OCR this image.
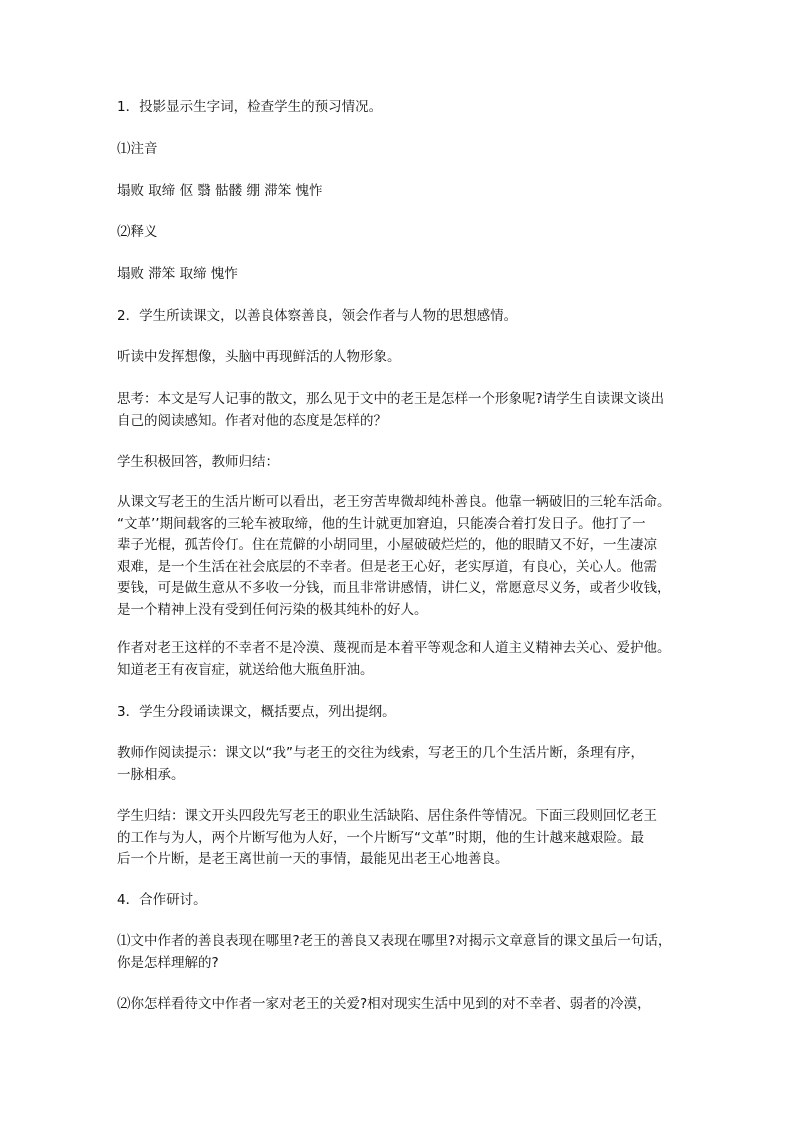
1．投影显示生字词，检查学生的预习情况。

⑴注音

塌败 取缔 伛 翳 骷髅 绷 滞笨 愧怍

⑵释义

塌败 滞笨 取缔 愧怍

2．学生所读课文，以善良体察善良，领会作者与人物的思想感情。

听读中发挥想像，头脑中再现鲜活的人物形象。

思考：本文是写人记事的散文，那么见于文中的老王是怎样一个形象呢?请学生自读课文谈出
自己的阅读感知。作者对他的态度是怎样的？

学生积极回答，教师归结：

从课文写老王的生活片断可以看出，老王穷苦卑微却纯朴善良。他靠一辆破旧的三轮车活命。
“文革’’期间载客的三轮车被取缔，他的生计就更加窘迫，只能凑合着打发日子。他打了一
辈子光棍，孤苦伶仃。住在荒僻的小胡同里，小屋破破烂烂的，他的眼睛又不好，一生凄凉
艰难，是一个生活在社会底层的不幸者。但是老王心好，老实厚道，有良心，关心人。他需
要钱，可是做生意从不多收一分钱，而且非常讲感情，讲仁义，常愿意尽义务，或者少收钱，
是一个精神上没有受到任何污染的极其纯朴的好人。

作者对老王这样的不幸者不是冷漠、蔑视而是本着平等观念和人道主义精神去关心、爱护他。
知道老王有夜盲症，就送给他大瓶鱼肝油。

3．学生分段诵读课文，概括要点，列出提纲。

教师作阅读提示：课文以“我”与老王的交往为线索，写老王的几个生活片断，条理有序，
一脉相承。

学生归结：课文开头四段先写老王的职业生活缺陷、居住条件等情况。下面三段则回忆老王
的工作与为人，两个片断写他为人好，一个片断写“文革”时期，他的生计越来越艰险。最
后一个片断，是老王离世前一天的事情，最能见出老王心地善良。

4．合作研讨。

⑴文中作者的善良表现在哪里?老王的善良又表现在哪里?对揭示文章意旨的课文虽后一句话，
你是怎样理解的?

⑵你怎样看待文中作者一家对老王的关爱?相对现实生活中见到的对不幸者、弱者的冷漠，
